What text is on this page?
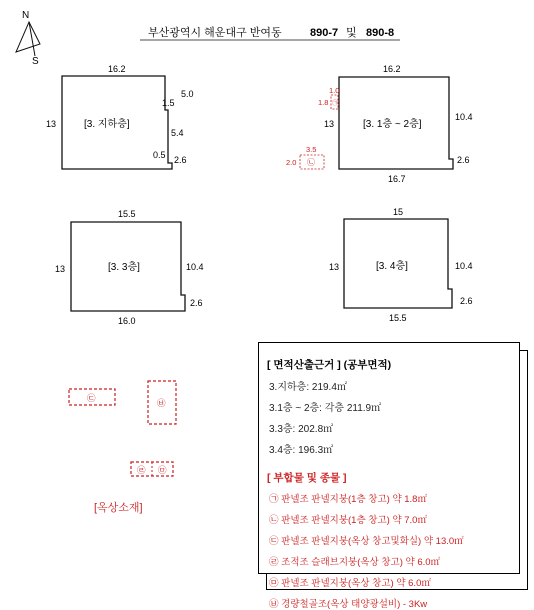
N
S
부산광역시 해운대구 반여동	890-7 및 890-8
16.2
13
5.0
1.5
5.4
0.5 2.6
[3. 지하층]
㉠
1.0
1.8
㉡
3.5
2.0
16.2
13
10.4
2.6
16.7
[3. 1층 ~ 2층]
15.5
13	10.4
2.6
16.0
[3. 3층]
15
13	10.4
2.6
15.5
[3. 4층]
㉢	㉥
㉣ ㉤
[옥상소재]
[ 면적산출근거 ] (공부면적)
3.지하층: 219.4㎡
3.1층 ~ 2층: 각층 211.9㎡
3.3층: 202.8㎡
3.4층: 196.3㎡
[ 부합물 및 종물 ]
㉠ 판넬조 판넬지붕(1층 창고) 약 1.8㎡
㉡ 판넬조 판넬지붕(1층 창고) 약 7.0㎡
㉢ 판넬조 판넬지붕(옥상 창고및화실) 약 13.0㎡
㉣ 조적조 슬래브지붕(옥상 창고) 약 6.0㎡
㉤ 판넬조 판넬지붕(옥상 창고) 약 6.0㎡
㉥ 경량철골조(옥상 태양광설비) - 3Kw
